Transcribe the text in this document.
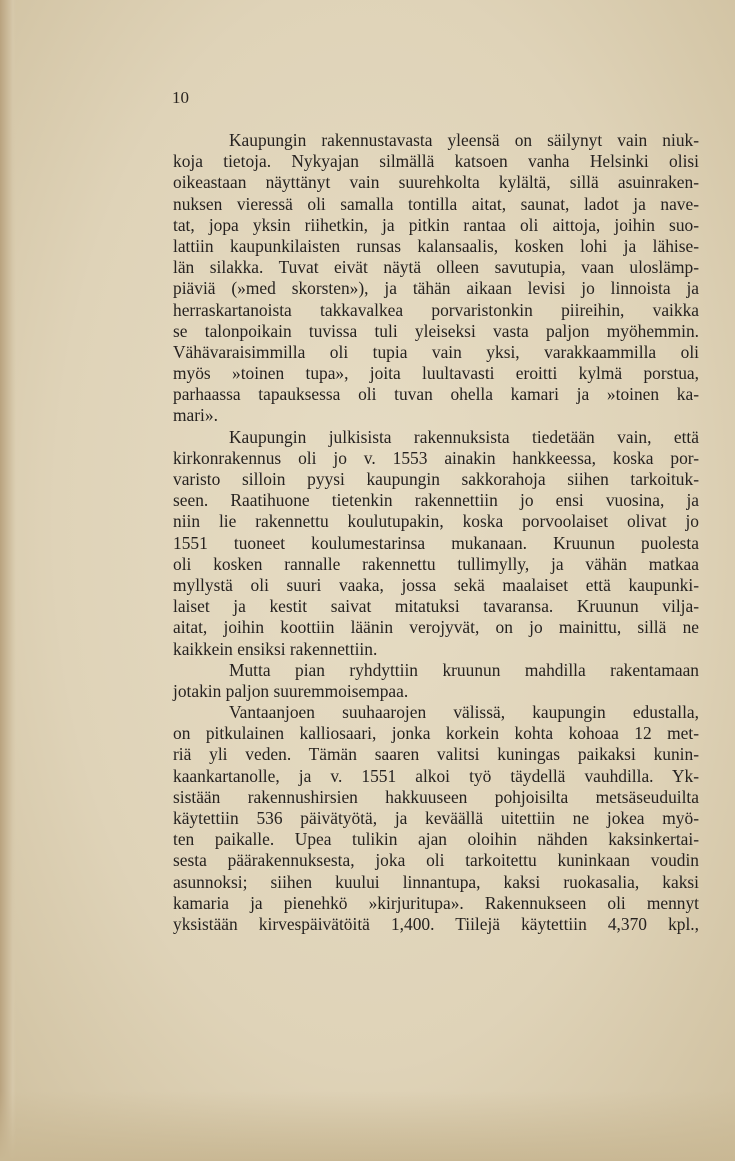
10
Kaupungin rakennustavasta yleensä on säilynyt vain niuk-
koja tietoja. Nykyajan silmällä katsoen vanha Helsinki olisi
oikeastaan näyttänyt vain suurehkolta kylältä, sillä asuinraken-
nuksen vieressä oli samalla tontilla aitat, saunat, ladot ja nave-
tat, jopa yksin riihetkin, ja pitkin rantaa oli aittoja, joihin suo-
lattiin kaupunkilaisten runsas kalansaalis, kosken lohi ja lähise-
län silakka. Tuvat eivät näytä olleen savutupia, vaan uloslämp-
piäviä (»med skorsten»), ja tähän aikaan levisi jo linnoista ja
herraskartanoista takkavalkea porvaristonkin piireihin, vaikka
se talonpoikain tuvissa tuli yleiseksi vasta paljon myöhemmin.
Vähävaraisimmilla oli tupia vain yksi, varakkaammilla oli
myös »toinen tupa», joita luultavasti eroitti kylmä porstua,
parhaassa tapauksessa oli tuvan ohella kamari ja »toinen ka-
mari».
Kaupungin julkisista rakennuksista tiedetään vain, että
kirkonrakennus oli jo v. 1553 ainakin hankkeessa, koska por-
varisto silloin pyysi kaupungin sakkorahoja siihen tarkoituk-
seen. Raatihuone tietenkin rakennettiin jo ensi vuosina, ja
niin lie rakennettu koulutupakin, koska porvoolaiset olivat jo
1551 tuoneet koulumestarinsa mukanaan. Kruunun puolesta
oli kosken rannalle rakennettu tullimylly, ja vähän matkaa
myllystä oli suuri vaaka, jossa sekä maalaiset että kaupunki-
laiset ja kestit saivat mitatuksi tavaransa. Kruunun vilja-
aitat, joihin koottiin läänin verojyvät, on jo mainittu, sillä ne
kaikkein ensiksi rakennettiin.
Mutta pian ryhdyttiin kruunun mahdilla rakentamaan
jotakin paljon suuremmoisempaa.
Vantaanjoen suuhaarojen välissä, kaupungin edustalla,
on pitkulainen kalliosaari, jonka korkein kohta kohoaa 12 met-
riä yli veden. Tämän saaren valitsi kuningas paikaksi kunin-
kaankartanolle, ja v. 1551 alkoi työ täydellä vauhdilla. Yk-
sistään rakennushirsien hakkuuseen pohjoisilta metsäseuduilta
käytettiin 536 päivätyötä, ja keväällä uitettiin ne jokea myö-
ten paikalle. Upea tulikin ajan oloihin nähden kaksinkertai-
sesta päärakennuksesta, joka oli tarkoitettu kuninkaan voudin
asunnoksi; siihen kuului linnantupa, kaksi ruokasalia, kaksi
kamaria ja pienehkö »kirjuritupa». Rakennukseen oli mennyt
yksistään kirvespäivätöitä 1,400. Tiilejä käytettiin 4,370 kpl.,
